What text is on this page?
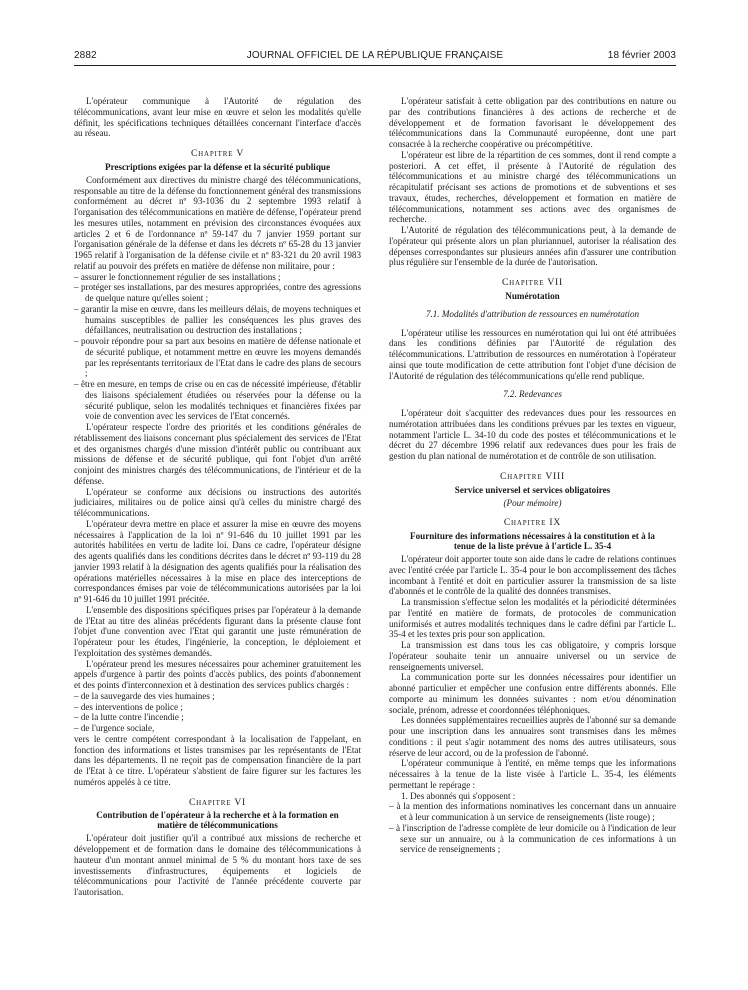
2882	JOURNAL OFFICIEL DE LA RÉPUBLIQUE FRANÇAISE	18 février 2003

L'opérateur communique à l'Autorité de régulation des télécommunications, avant leur mise en œuvre et selon les modalités qu'elle définit, les spécifications techniques détaillées concernant l'interface d'accès au réseau.

Chapitre V
Prescriptions exigées par la défense et la sécurité publique

Conformément aux directives du ministre chargé des télécommunications, responsable au titre de la défense du fonctionnement général des transmissions conformément au décret nº 93-1036 du 2 septembre 1993 relatif à l'organisation des télécommunications en matière de défense, l'opérateur prend les mesures utiles, notamment en prévision des circonstances évoquées aux articles 2 et 6 de l'ordonnance nº 59-147 du 7 janvier 1959 portant sur l'organisation générale de la défense et dans les décrets nº 65-28 du 13 janvier 1965 relatif à l'organisation de la défense civile et nº 83-321 du 20 avril 1983 relatif au pouvoir des préfets en matière de défense non militaire, pour :

– assurer le fonctionnement régulier de ses installations ;
– protéger ses installations, par des mesures appropriées, contre des agressions de quelque nature qu'elles soient ;
– garantir la mise en œuvre, dans les meilleurs délais, de moyens techniques et humains susceptibles de pallier les conséquences les plus graves des défaillances, neutralisation ou destruction des installations ;
– pouvoir répondre pour sa part aux besoins en matière de défense nationale et de sécurité publique, et notamment mettre en œuvre les moyens demandés par les représentants territoriaux de l'Etat dans le cadre des plans de secours ;
– être en mesure, en temps de crise ou en cas de nécessité impérieuse, d'établir des liaisons spécialement étudiées ou réservées pour la défense ou la sécurité publique, selon les modalités techniques et financières fixées par voie de convention avec les services de l'Etat concernés.

L'opérateur respecte l'ordre des priorités et les conditions générales de rétablissement des liaisons concernant plus spécialement des services de l'Etat et des organismes chargés d'une mission d'intérêt public ou contribuant aux missions de défense et de sécurité publique, qui font l'objet d'un arrêté conjoint des ministres chargés des télécommunications, de l'intérieur et de la défense.

L'opérateur se conforme aux décisions ou instructions des autorités judiciaires, militaires ou de police ainsi qu'à celles du ministre chargé des télécommunications.

L'opérateur devra mettre en place et assurer la mise en œuvre des moyens nécessaires à l'application de la loi nº 91-646 du 10 juillet 1991 par les autorités habilitées en vertu de ladite loi. Dans ce cadre, l'opérateur désigne des agents qualifiés dans les conditions décrites dans le décret nº 93-119 du 28 janvier 1993 relatif à la désignation des agents qualifiés pour la réalisation des opérations matérielles nécessaires à la mise en place des interceptions de correspondances émises par voie de télécommunications autorisées par la loi nº 91-646 du 10 juillet 1991 précitée.

L'ensemble des dispositions spécifiques prises par l'opérateur à la demande de l'Etat au titre des alinéas précédents figurant dans la présente clause font l'objet d'une convention avec l'Etat qui garantit une juste rémunération de l'opérateur pour les études, l'ingénierie, la conception, le déploiement et l'exploitation des systèmes demandés.

L'opérateur prend les mesures nécessaires pour acheminer gratuitement les appels d'urgence à partir des points d'accès publics, des points d'abonnement et des points d'interconnexion et à destination des services publics chargés :

– de la sauvegarde des vies humaines ;
– des interventions de police ;
– de la lutte contre l'incendie ;
– de l'urgence sociale,

vers le centre compétent correspondant à la localisation de l'appelant, en fonction des informations et listes transmises par les représentants de l'Etat dans les départements. Il ne reçoit pas de compensation financière de la part de l'Etat à ce titre. L'opérateur s'abstient de faire figurer sur les factures les numéros appelés à ce titre.

Chapitre VI
Contribution de l'opérateur à la recherche et à la formation en matière de télécommunications

L'opérateur doit justifier qu'il a contribué aux missions de recherche et développement et de formation dans le domaine des télécommunications à hauteur d'un montant annuel minimal de 5 % du montant hors taxe de ses investissements d'infrastructures, équipements et logiciels de télécommunications pour l'activité de l'année précédente couverte par l'autorisation.

L'opérateur satisfait à cette obligation par des contributions en nature ou par des contributions financières à des actions de recherche et de développement et de formation favorisant le développement des télécommunications dans la Communauté européenne, dont une part consacrée à la recherche coopérative ou précompétitive.

L'opérateur est libre de la répartition de ces sommes, dont il rend compte a posteriori. A cet effet, il présente à l'Autorité de régulation des télécommunications et au ministre chargé des télécommunications un récapitulatif précisant ses actions de promotions et de subventions et ses travaux, études, recherches, développement et formation en matière de télécommunications, notamment ses actions avec des organismes de recherche.

L'Autorité de régulation des télécommunications peut, à la demande de l'opérateur qui présente alors un plan pluriannuel, autoriser la réalisation des dépenses correspondantes sur plusieurs années afin d'assurer une contribution plus régulière sur l'ensemble de la durée de l'autorisation.

Chapitre VII
Numérotation
7.1. Modalités d'attribution de ressources en numérotation

L'opérateur utilise les ressources en numérotation qui lui ont été attribuées dans les conditions définies par l'Autorité de régulation des télécommunications. L'attribution de ressources en numérotation à l'opérateur ainsi que toute modification de cette attribution font l'objet d'une décision de l'Autorité de régulation des télécommunications qu'elle rend publique.

7.2. Redevances

L'opérateur doit s'acquitter des redevances dues pour les ressources en numérotation attribuées dans les conditions prévues par les textes en vigueur, notamment l'article L. 34-10 du code des postes et télécommunications et le décret du 27 décembre 1996 relatif aux redevances dues pour les frais de gestion du plan national de numérotation et de contrôle de son utilisation.

Chapitre VIII
Service universel et services obligatoires
(Pour mémoire)
Chapitre IX
Fourniture des informations nécessaires à la constitution et à la tenue de la liste prévue à l'article L. 35-4

L'opérateur doit apporter toute son aide dans le cadre de relations continues avec l'entité créée par l'article L. 35-4 pour le bon accomplissement des tâches incombant à l'entité et doit en particulier assurer la transmission de sa liste d'abonnés et le contrôle de la qualité des données transmises.

La transmission s'effectue selon les modalités et la périodicité déterminées par l'entité en matière de formats, de protocoles de communication uniformisés et autres modalités techniques dans le cadre défini par l'article L. 35-4 et les textes pris pour son application.

La transmission est dans tous les cas obligatoire, y compris lorsque l'opérateur souhaite tenir un annuaire universel ou un service de renseignements universel.

La communication porte sur les données nécessaires pour identifier un abonné particulier et empêcher une confusion entre différents abonnés. Elle comporte au minimum les données suivantes : nom et/ou dénomination sociale, prénom, adresse et coordonnées téléphoniques.

Les données supplémentaires recueillies auprès de l'abonné sur sa demande pour une inscription dans les annuaires sont transmises dans les mêmes conditions : il peut s'agir notamment des noms des autres utilisateurs, sous réserve de leur accord, ou de la profession de l'abonné.

L'opérateur communique à l'entité, en même temps que les informations nécessaires à la tenue de la liste visée à l'article L. 35-4, les éléments permettant le repérage :

1. Des abonnés qui s'opposent :

– à la mention des informations nominatives les concernant dans un annuaire et à leur communication à un service de renseignements (liste rouge) ;
– à l'inscription de l'adresse complète de leur domicile ou à l'indication de leur sexe sur un annuaire, ou à la communication de ces informations à un service de renseignements ;
